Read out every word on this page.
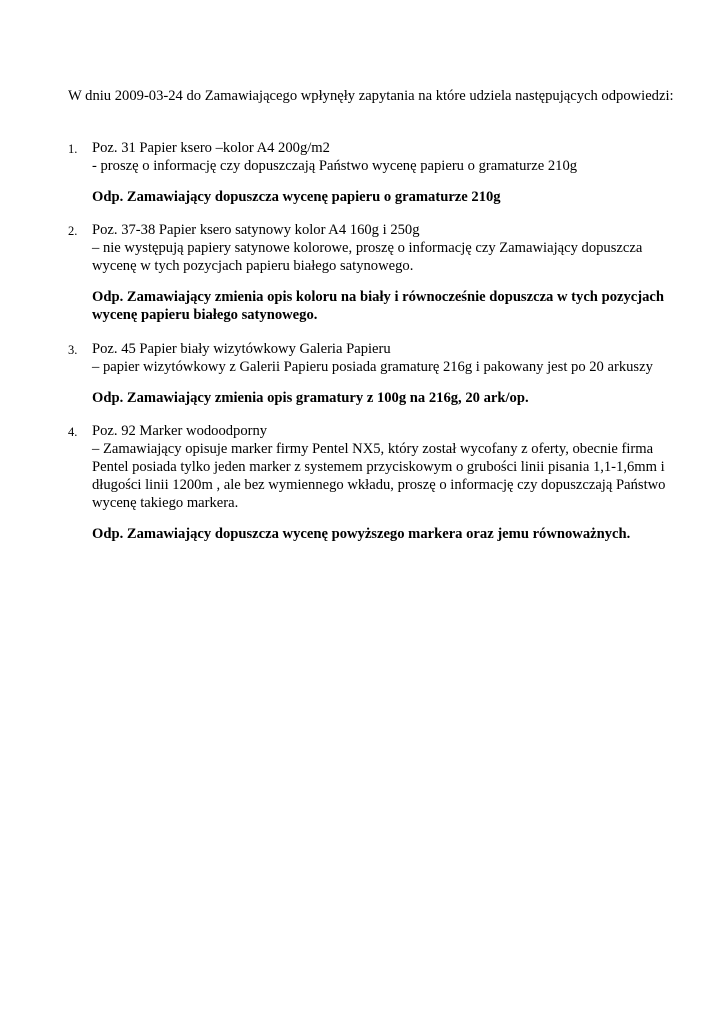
W dniu 2009-03-24 do Zamawiającego wpłynęły zapytania na które udziela następujących odpowiedzi:
1. Poz. 31 Papier ksero –kolor A4 200g/m2
- proszę o informację czy dopuszczają Państwo wycenę papieru o gramaturze 210g
Odp. Zamawiający dopuszcza wycenę papieru o gramaturze 210g
2. Poz. 37-38 Papier ksero satynowy kolor A4 160g i 250g
– nie występują papiery satynowe kolorowe, proszę o informację czy Zamawiający dopuszcza
wycenę w tych pozycjach papieru białego satynowego.
Odp. Zamawiający zmienia opis koloru na biały i równocześnie dopuszcza w tych pozycjach
wycenę papieru białego satynowego.
3. Poz. 45 Papier biały wizytówkowy Galeria Papieru
– papier wizytówkowy z Galerii Papieru posiada gramaturę 216g i pakowany jest po 20 arkuszy
Odp. Zamawiający zmienia opis gramatury z 100g na 216g, 20 ark/op.
4. Poz. 92 Marker wodoodporny
– Zamawiający opisuje marker firmy Pentel NX5, który został wycofany z oferty, obecnie firma
Pentel posiada tylko jeden marker z systemem przyciskowym o grubości linii pisania 1,1-1,6mm i
długości linii 1200m , ale bez wymiennego wkładu, proszę o informację czy dopuszczają Państwo
wycenę takiego markera.
Odp. Zamawiający dopuszcza wycenę powyższego markera oraz jemu równoważnych.
